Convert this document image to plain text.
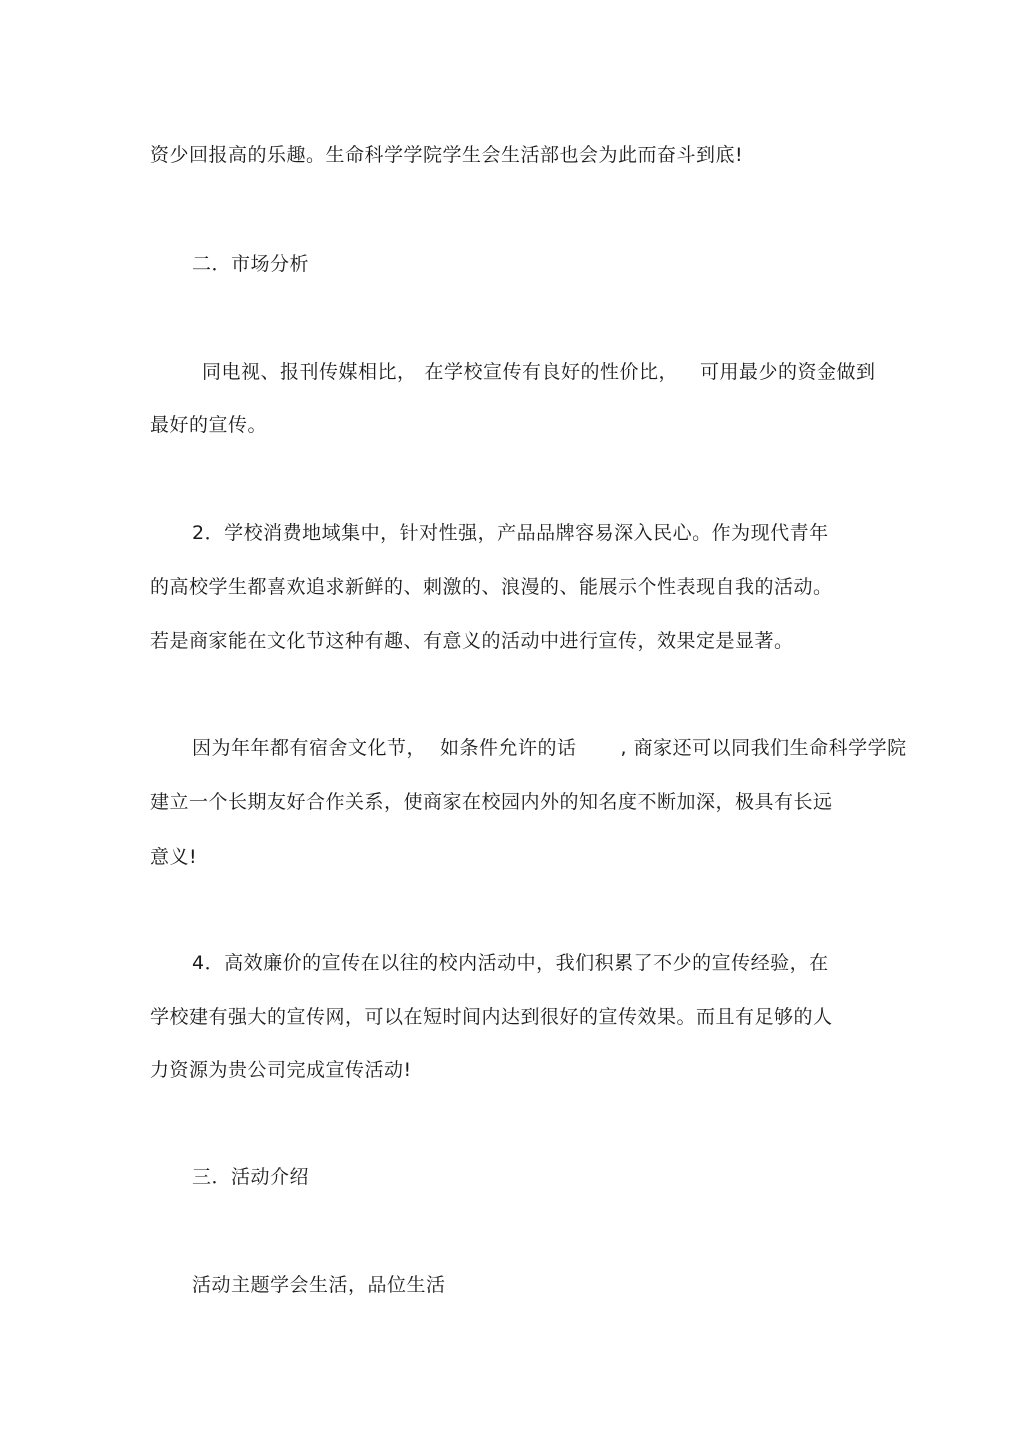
资少回报高的乐趣。生命科学学院学生会生活部也会为此而奋斗到底!
二．市场分析
同电视、报刊传媒相比， 在学校宣传有良好的性价比， 可用最少的资金做到
最好的宣传。
2．学校消费地域集中，针对性强，产品品牌容易深入民心。作为现代青年
的高校学生都喜欢追求新鲜的、刺激的、浪漫的、能展示个性表现自我的活动。
若是商家能在文化节这种有趣、有意义的活动中进行宣传，效果定是显著。
因为年年都有宿舍文化节， 如条件允许的话 , 商家还可以同我们生命科学学院
建立一个长期友好合作关系，使商家在校园内外的知名度不断加深，极具有长远
意义!
4．高效廉价的宣传在以往的校内活动中，我们积累了不少的宣传经验，在
学校建有强大的宣传网，可以在短时间内达到很好的宣传效果。而且有足够的人
力资源为贵公司完成宣传活动!
三．活动介绍
活动主题学会生活，品位生活
